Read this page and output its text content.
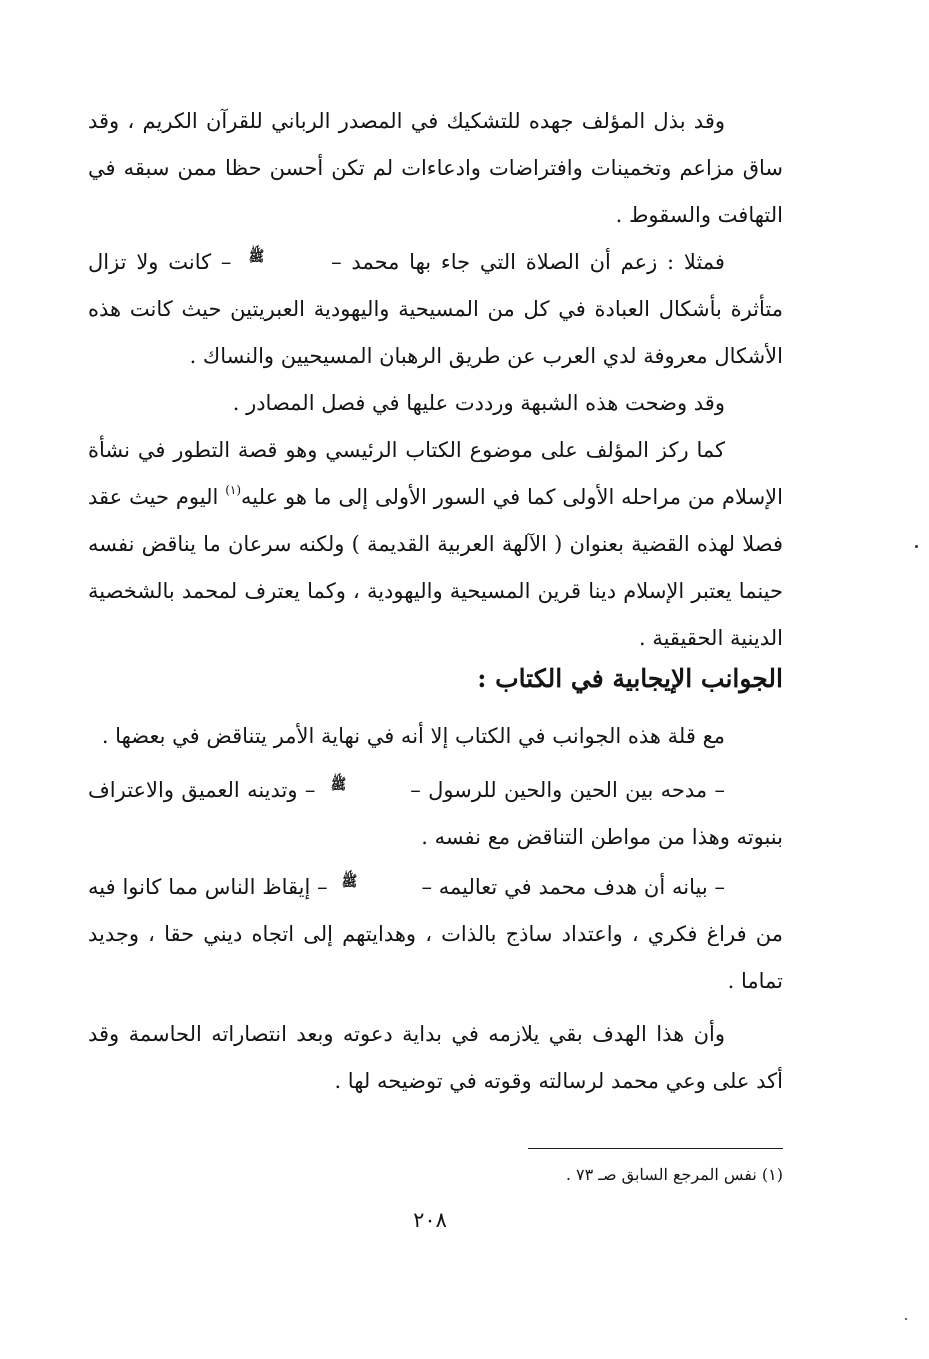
وقد بذل المؤلف جهده للتشكيك في المصدر الرباني للقرآن الكريم ، وقد ساق مزاعم وتخمينات وافتراضات وادعاءات لم تكن أحسن حظا ممن سبقه في التهافت والسقوط .
فمثلا : زعم أن الصلاة التي جاء بها محمد – ﷺ – كانت ولا تزال متأثرة بأشكال العبادة في كل من المسيحية واليهودية العبريتين حيث كانت هذه الأشكال معروفة لدي العرب عن طريق الرهبان المسيحيين والنساك .
وقد وضحت هذه الشبهة ورددت عليها في فصل المصادر .
كما ركز المؤلف على موضوع الكتاب الرئيسي وهو قصة التطور في نشأة الإسلام من مراحله الأولى كما في السور الأولى إلى ما هو عليه$^{(١)}$ اليوم حيث عقد فصلا لهذه القضية بعنوان ( الآلهة العربية القديمة ) ولكنه سرعان ما يناقض نفسه حينما يعتبر الإسلام دينا قرين المسيحية واليهودية ، وكما يعترف لمحمد بالشخصية الدينية الحقيقية .
الجوانب الإيجابية في الكتاب :
مع قلة هذه الجوانب في الكتاب إلا أنه في نهاية الأمر يتناقض في بعضها .
– مدحه بين الحين والحين للرسول – ﷺ – وتدينه العميق والاعتراف بنبوته وهذا من مواطن التناقض مع نفسه .
– بيانه أن هدف محمد في تعاليمه – ﷺ – إيقاظ الناس مما كانوا فيه من فراغ فكري ، واعتداد ساذج بالذات ، وهدايتهم إلى اتجاه ديني حقا ، وجديد تماما .
وأن هذا الهدف بقي يلازمه في بداية دعوته وبعد انتصاراته الحاسمة وقد أكد على وعي محمد لرسالته وقوته في توضيحه لها .
(١) نفس المرجع السابق صـ ٧٣ .
٢٠٨
